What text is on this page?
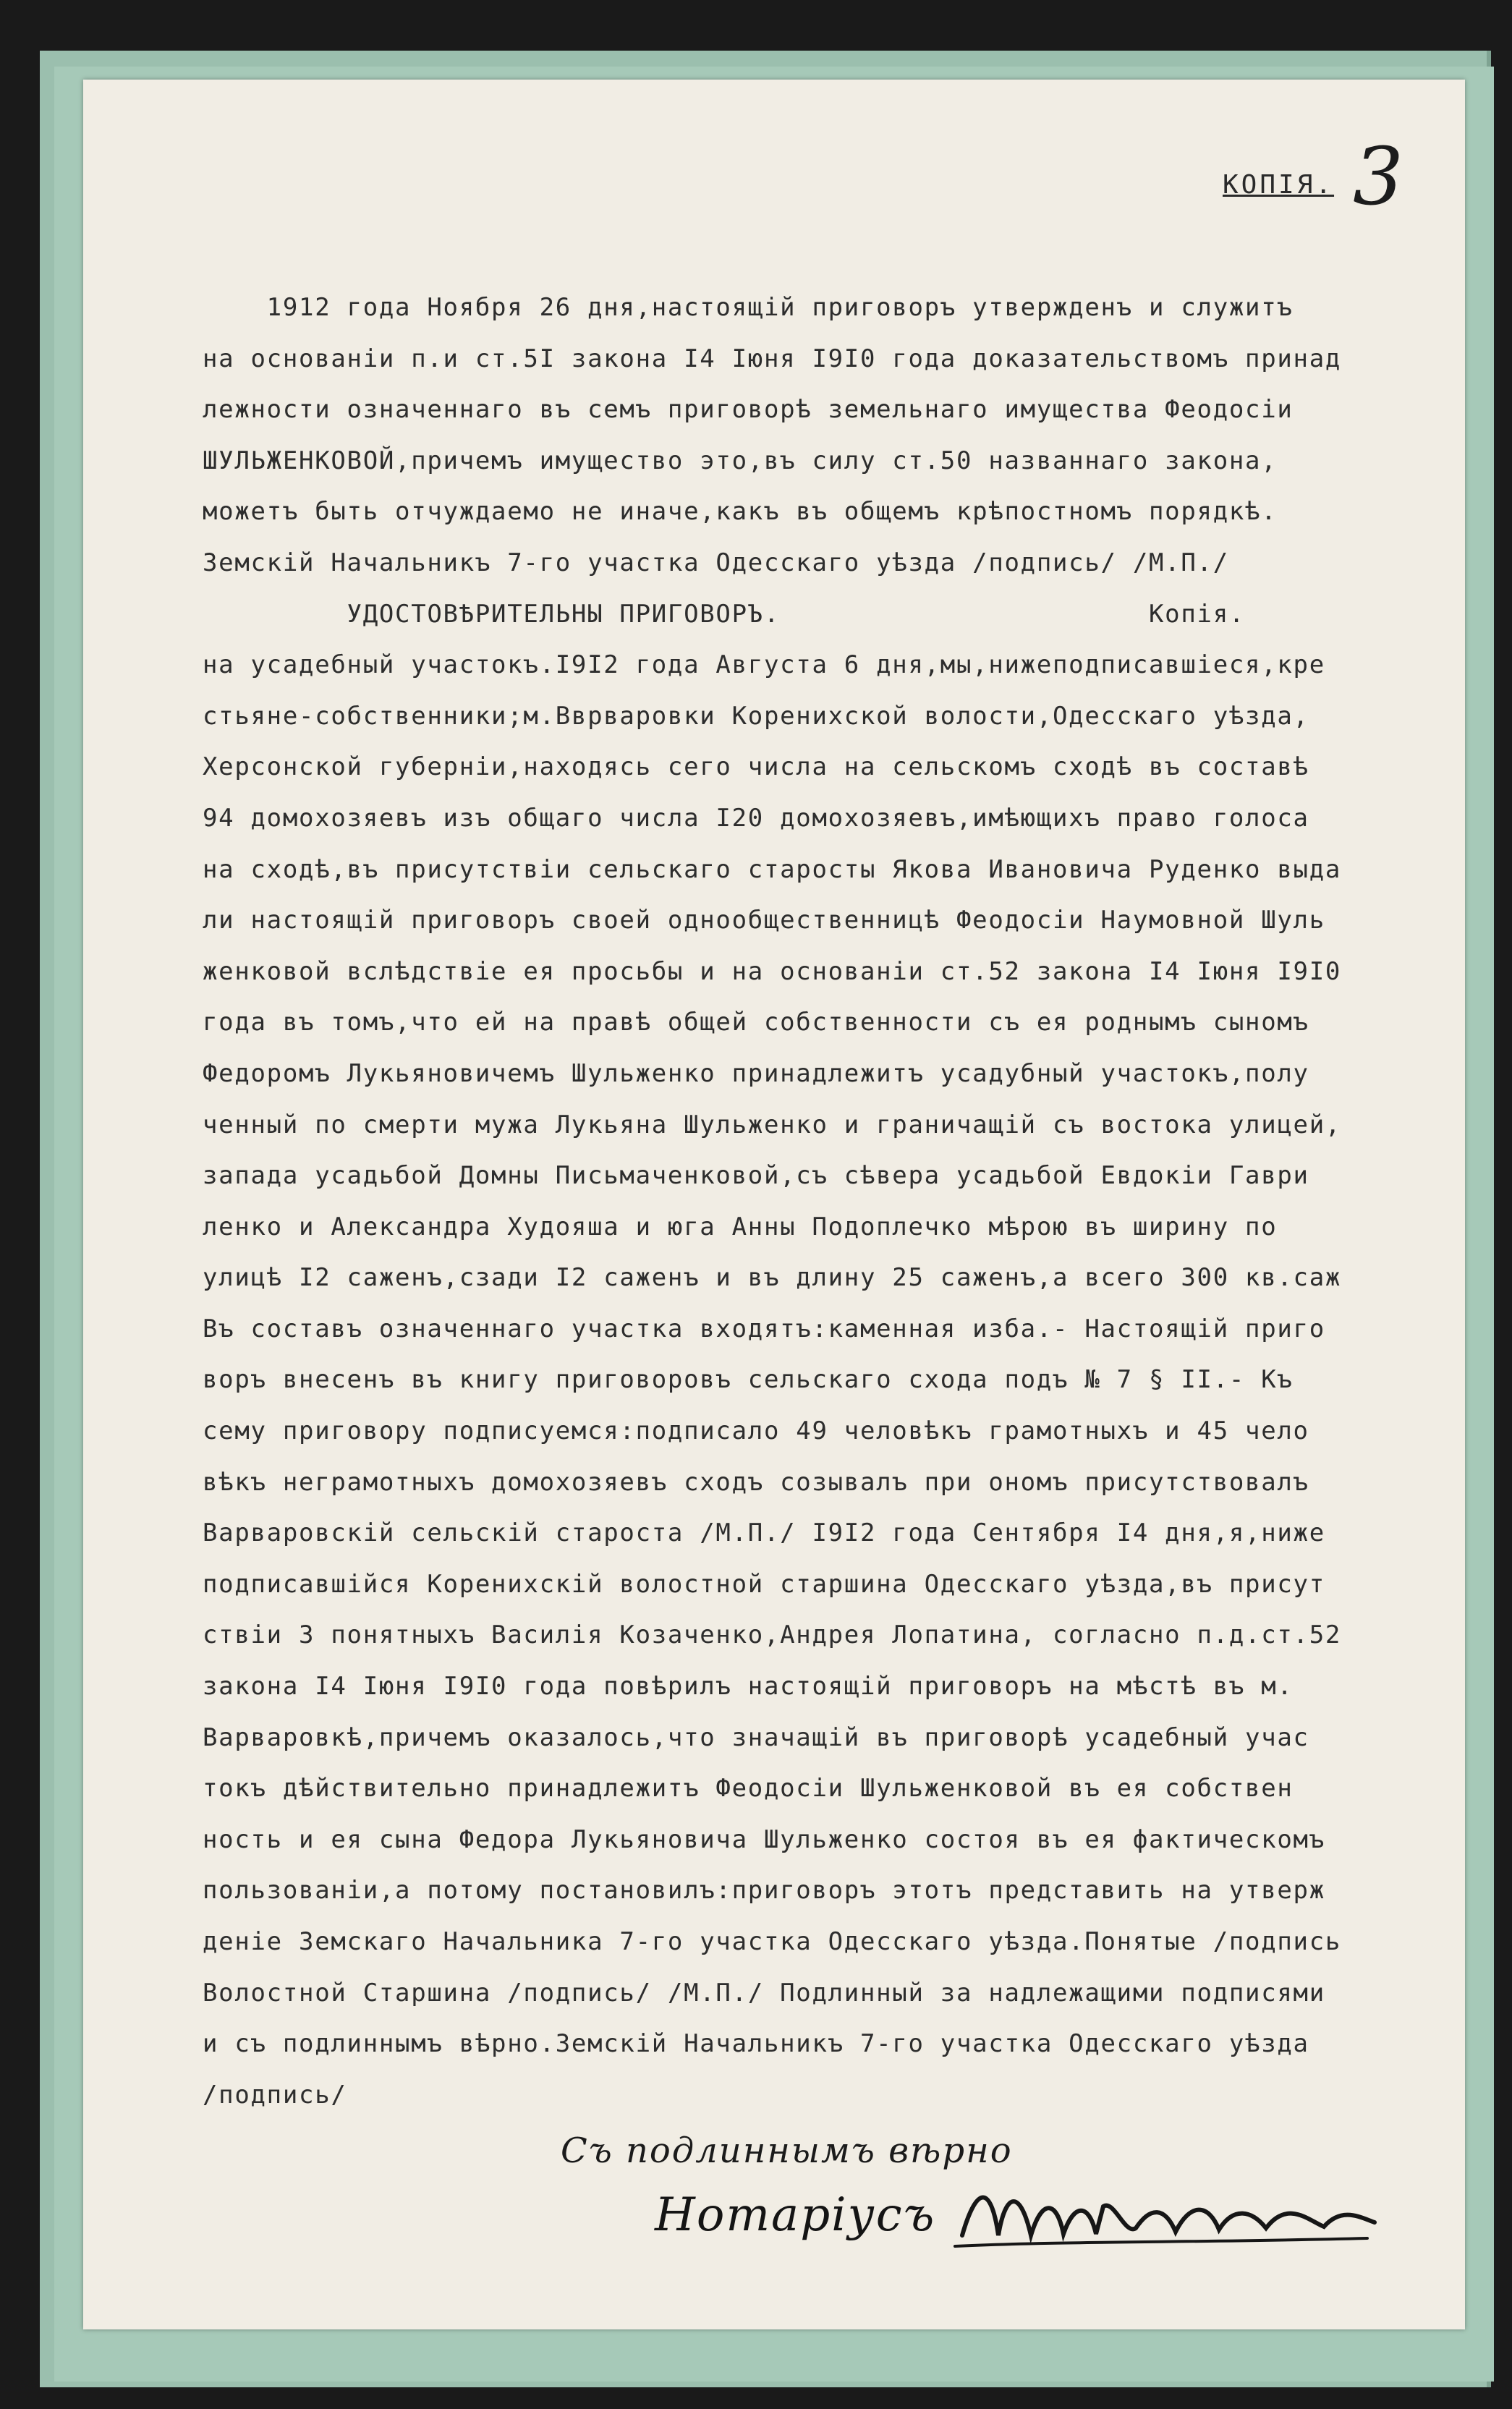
КОПІЯ. 3
1912 года Ноября 26 дня,настоящій приговоръ утвержденъ и служитъ
на основаніи п.и ст.5I закона I4 Іюня I9I0 года доказательствомъ принад
лежности означеннаго въ семъ приговорѣ земельнаго имущества Феодосіи
ШУЛЬЖЕНКОВОЙ,причемъ имущество это,въ силу ст.50 названнаго закона,
можетъ быть отчуждаемо не иначе,какъ въ общемъ крѣпостномъ порядкѣ.
Земскій Начальникъ 7-го участка Одесскаго уѣзда /подпись/ /М.П./
УДОСТОВѢРИТЕЛЬНЫ ПРИГОВОРЪ.                       Копія.
на усадебный участокъ.I9I2 года Августа 6 дня,мы,нижеподписавшіеся,кре
стьяне-собственники;м.Вврваровки Коренихской волости,Одесскаго уѣзда,
Херсонской губерніи,находясь сего числа на сельскомъ сходѣ въ составѣ
94 домохозяевъ изъ общаго числа I20 домохозяевъ,имѣющихъ право голоса
на сходѣ,въ присутствіи сельскаго старосты Якова Ивановича Руденко выда
ли настоящій приговоръ своей однообщественницѣ Феодосіи Наумовной Шуль
женковой вслѣдствіе ея просьбы и на основаніи ст.52 закона I4 Іюня I9I0
года въ томъ,что ей на правѣ общей собственности съ ея роднымъ сыномъ
Федоромъ Лукьяновичемъ Шульженко принадлежитъ усадубный участокъ,полу
ченный по смерти мужа Лукьяна Шульженко и граничащій съ востока улицей,
запада усадьбой Домны Письмаченковой,съ сѣвера усадьбой Евдокіи Гаври
ленко и Александра Худояша и юга Анны Подоплечко мѣрою въ ширину по
улицѣ I2 саженъ,сзади I2 саженъ и въ длину 25 саженъ,а всего 300 кв.саж
Въ составъ означеннаго участка входятъ:каменная изба.- Настоящій приго
воръ внесенъ въ книгу приговоровъ сельскаго схода подъ № 7 § II.- Къ
сему приговору подписуемся:подписало 49 человѣкъ грамотныхъ и 45 чело
вѣкъ неграмотныхъ домохозяевъ сходъ созывалъ при ономъ присутствовалъ
Варваровскій сельскій староста /М.П./ I9I2 года Сентября I4 дня,я,ниже
подписавшійся Коренихскій волостной старшина Одесскаго уѣзда,въ присут
ствіи 3 понятныхъ Василія Козаченко,Андрея Лопатина, согласно п.д.ст.52
закона I4 Іюня I9I0 года повѣрилъ настоящій приговоръ на мѣстѣ въ м.
Варваровкѣ,причемъ оказалось,что значащій въ приговорѣ усадебный учас
токъ дѣйствительно принадлежитъ Феодосіи Шульженковой въ ея собствен
ность и ея сына Федора Лукьяновича Шульженко состоя въ ея фактическомъ
пользованіи,а потому постановилъ:приговоръ этотъ представить на утверж
деніе Земскаго Начальника 7-го участка Одесскаго уѣзда.Понятые /подпись
Волостной Старшина /подпись/ /М.П./ Подлинный за надлежащими подписями
и съ подлиннымъ вѣрно.Земскій Начальникъ 7-го участка Одесскаго уѣзда
/подпись/
Съ подлиннымъ вѣрно
Нотаріусъ
